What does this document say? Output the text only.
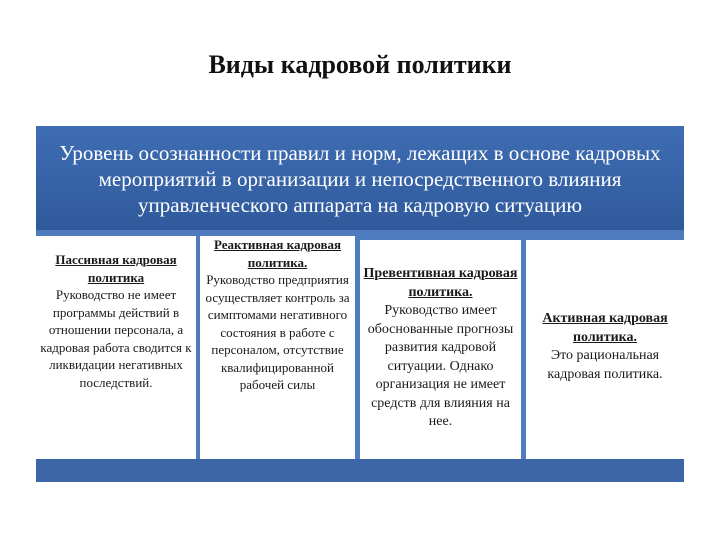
Виды кадровой политики
Уровень осознанности правил и норм, лежащих в основе кадровых мероприятий в организации и непосредственного влияния управленческого аппарата на кадровую ситуацию
Пассивная кадровая политика
Руководство не имеет программы действий в отношении персонала, а кадровая работа сводится к ликвидации негативных последствий.
Реактивная кадровая политика.
Руководство предприятия осуществляет контроль за симптомами негативного состояния в работе с персоналом, отсутствие квалифицированной рабочей силы
Превентивная кадровая политика.
Руководство имеет обоснованные прогнозы развития кадровой ситуации. Однако организация не имеет средств для влияния на нее.
Активная кадровая политика.
Это рациональная кадровая политика.
